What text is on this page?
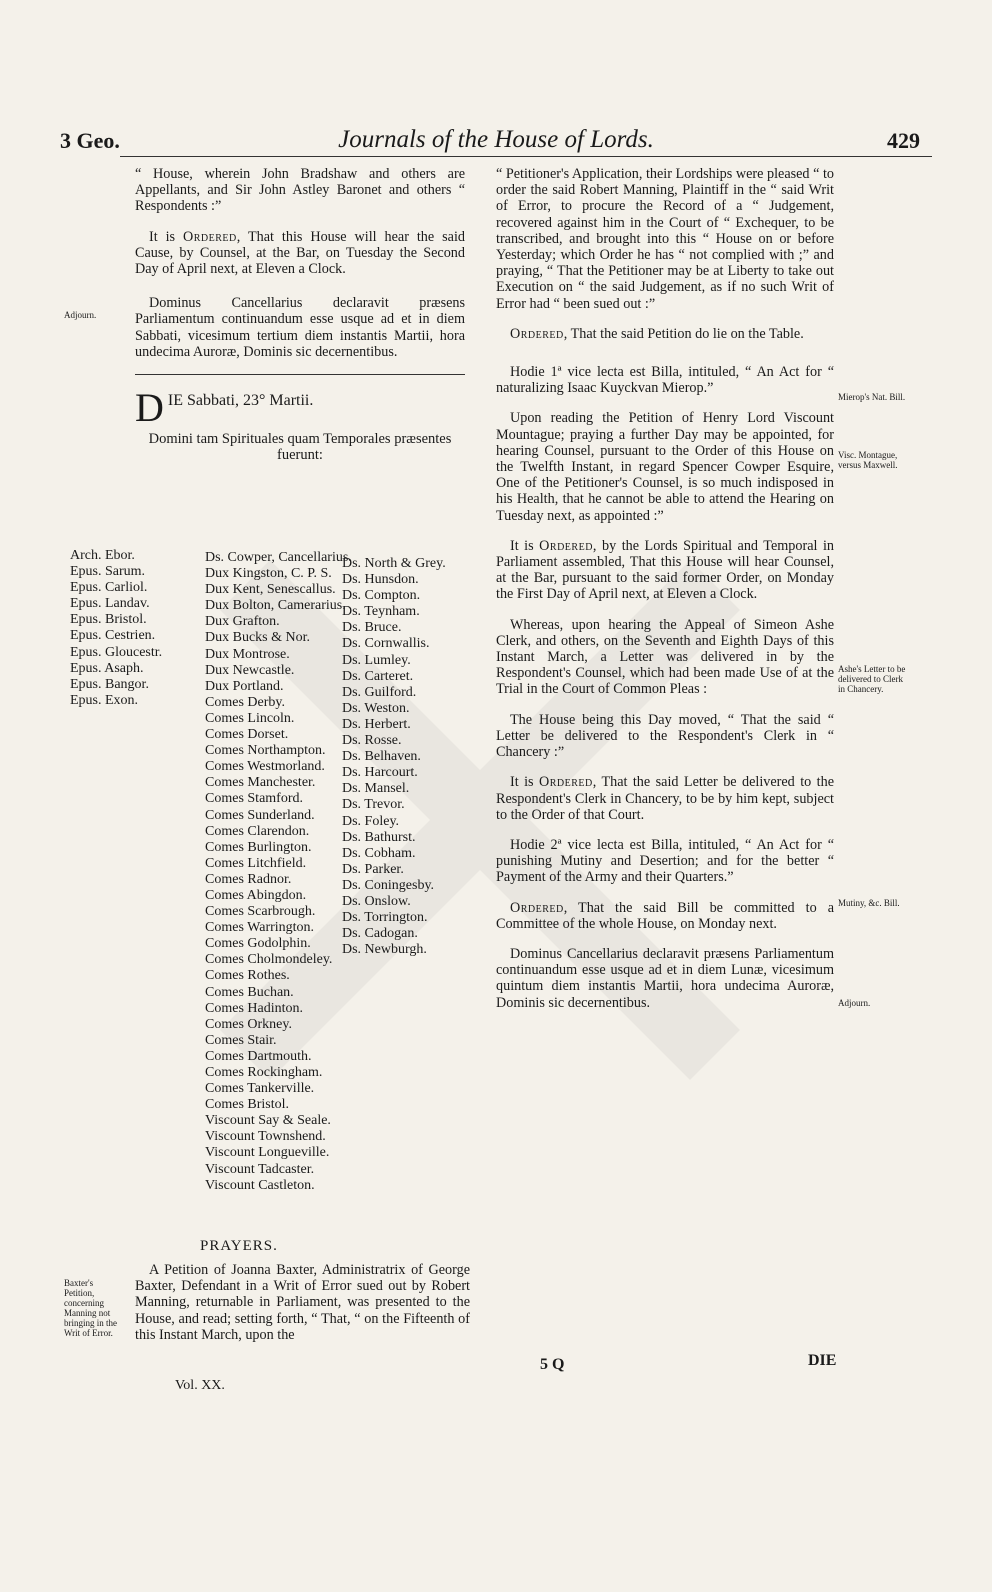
3 Geo.	Journals of the House of Lords.	429

“ House, wherein John Bradshaw and others are Appellants, and Sir John Astley Baronet and others “ Respondents :”

It is Ordered, That this House will hear the said Cause, by Counsel, at the Bar, on Tuesday the Second Day of April next, at Eleven a Clock.

Dominus Cancellarius declaravit præsens Parliamentum continuandum esse usque ad et in diem Sabbati, vicesimum tertium diem instantis Martii, hora undecima Auroræ, Dominis sic decernentibus.

D IE Sabbati, 23° Martii.
Domini tam Spirituales quam Temporales præsentes fuerunt:
Adjourn.
Baxter's Petition, concerning Manning not bringing in the Writ of Error.
Arch. Ebor.
Epus. Sarum.
Epus. Carliol.
Epus. Landav.
Epus. Bristol.
Epus. Cestrien.
Epus. Gloucestr.
Epus. Asaph.
Epus. Bangor.
Epus. Exon.
Ds. Cowper, Cancellarius.
Dux Kingston, C. P. S.
Dux Kent, Senescallus.
Dux Bolton, Camerarius.
Dux Grafton.
Dux Bucks & Nor.
Dux Montrose.
Dux Newcastle.
Dux Portland.
Comes Derby.
Comes Lincoln.
Comes Dorset.
Comes Northampton.
Comes Westmorland.
Comes Manchester.
Comes Stamford.
Comes Sunderland.
Comes Clarendon.
Comes Burlington.
Comes Litchfield.
Comes Radnor.
Comes Abingdon.
Comes Scarbrough.
Comes Warrington.
Comes Godolphin.
Comes Cholmondeley.
Comes Rothes.
Comes Buchan.
Comes Hadinton.
Comes Orkney.
Comes Stair.
Comes Dartmouth.
Comes Rockingham.
Comes Tankerville.
Comes Bristol.
Viscount Say & Seale.
Viscount Townshend.
Viscount Longueville.
Viscount Tadcaster.
Viscount Castleton.
Ds. North & Grey.
Ds. Hunsdon.
Ds. Compton.
Ds. Teynham.
Ds. Bruce.
Ds. Cornwallis.
Ds. Lumley.
Ds. Carteret.
Ds. Guilford.
Ds. Weston.
Ds. Herbert.
Ds. Rosse.
Ds. Belhaven.
Ds. Harcourt.
Ds. Mansel.
Ds. Trevor.
Ds. Foley.
Ds. Bathurst.
Ds. Cobham.
Ds. Parker.
Ds. Coningesby.
Ds. Onslow.
Ds. Torrington.
Ds. Cadogan.
Ds. Newburgh.
PRAYERS.

A Petition of Joanna Baxter, Administratrix of George Baxter, Defendant in a Writ of Error sued out by Robert Manning, returnable in Parliament, was presented to the House, and read; setting forth, “ That, “ on the Fifteenth of this Instant March, upon the

Vol. XX.
5 Q	DIE

“ Petitioner's Application, their Lordships were pleased “ to order the said Robert Manning, Plaintiff in the “ said Writ of Error, to procure the Record of a “ Judgement, recovered against him in the Court of “ Exchequer, to be transcribed, and brought into this “ House on or before Yesterday; which Order he has “ not complied with ;” and praying, “ That the Petitioner may be at Liberty to take out Execution on “ the said Judgement, as if no such Writ of Error had “ been sued out :”

Ordered, That the said Petition do lie on the Table.

Hodie 1ª vice lecta est Billa, intituled, “ An Act for “ naturalizing Isaac Kuyckvan Mierop.”

Upon reading the Petition of Henry Lord Viscount Mountague; praying a further Day may be appointed, for hearing Counsel, pursuant to the Order of this House on the Twelfth Instant, in regard Spencer Cowper Esquire, One of the Petitioner's Counsel, is so much indisposed in his Health, that he cannot be able to attend the Hearing on Tuesday next, as appointed :”

It is Ordered, by the Lords Spiritual and Temporal in Parliament assembled, That this House will hear Counsel, at the Bar, pursuant to the said former Order, on Monday the First Day of April next, at Eleven a Clock.

Whereas, upon hearing the Appeal of Simeon Ashe Clerk, and others, on the Seventh and Eighth Days of this Instant March, a Letter was delivered in by the Respondent's Counsel, which had been made Use of at the Trial in the Court of Common Pleas :

The House being this Day moved, “ That the said “ Letter be delivered to the Respondent's Clerk in “ Chancery :”

It is Ordered, That the said Letter be delivered to the Respondent's Clerk in Chancery, to be by him kept, subject to the Order of that Court.

Hodie 2ª vice lecta est Billa, intituled, “ An Act for “ punishing Mutiny and Desertion; and for the better “ Payment of the Army and their Quarters.”

Ordered, That the said Bill be committed to a Committee of the whole House, on Monday next.

Dominus Cancellarius declaravit præsens Parliamentum continuandum esse usque ad et in diem Lunæ, vicesimum quintum diem instantis Martii, hora undecima Auroræ, Dominis sic decernentibus.

Mierop's Nat. Bill.
Visc. Montague, versus Maxwell.
Ashe's Letter to be delivered to Clerk in Chancery.
Mutiny, &c. Bill.
Adjourn.
